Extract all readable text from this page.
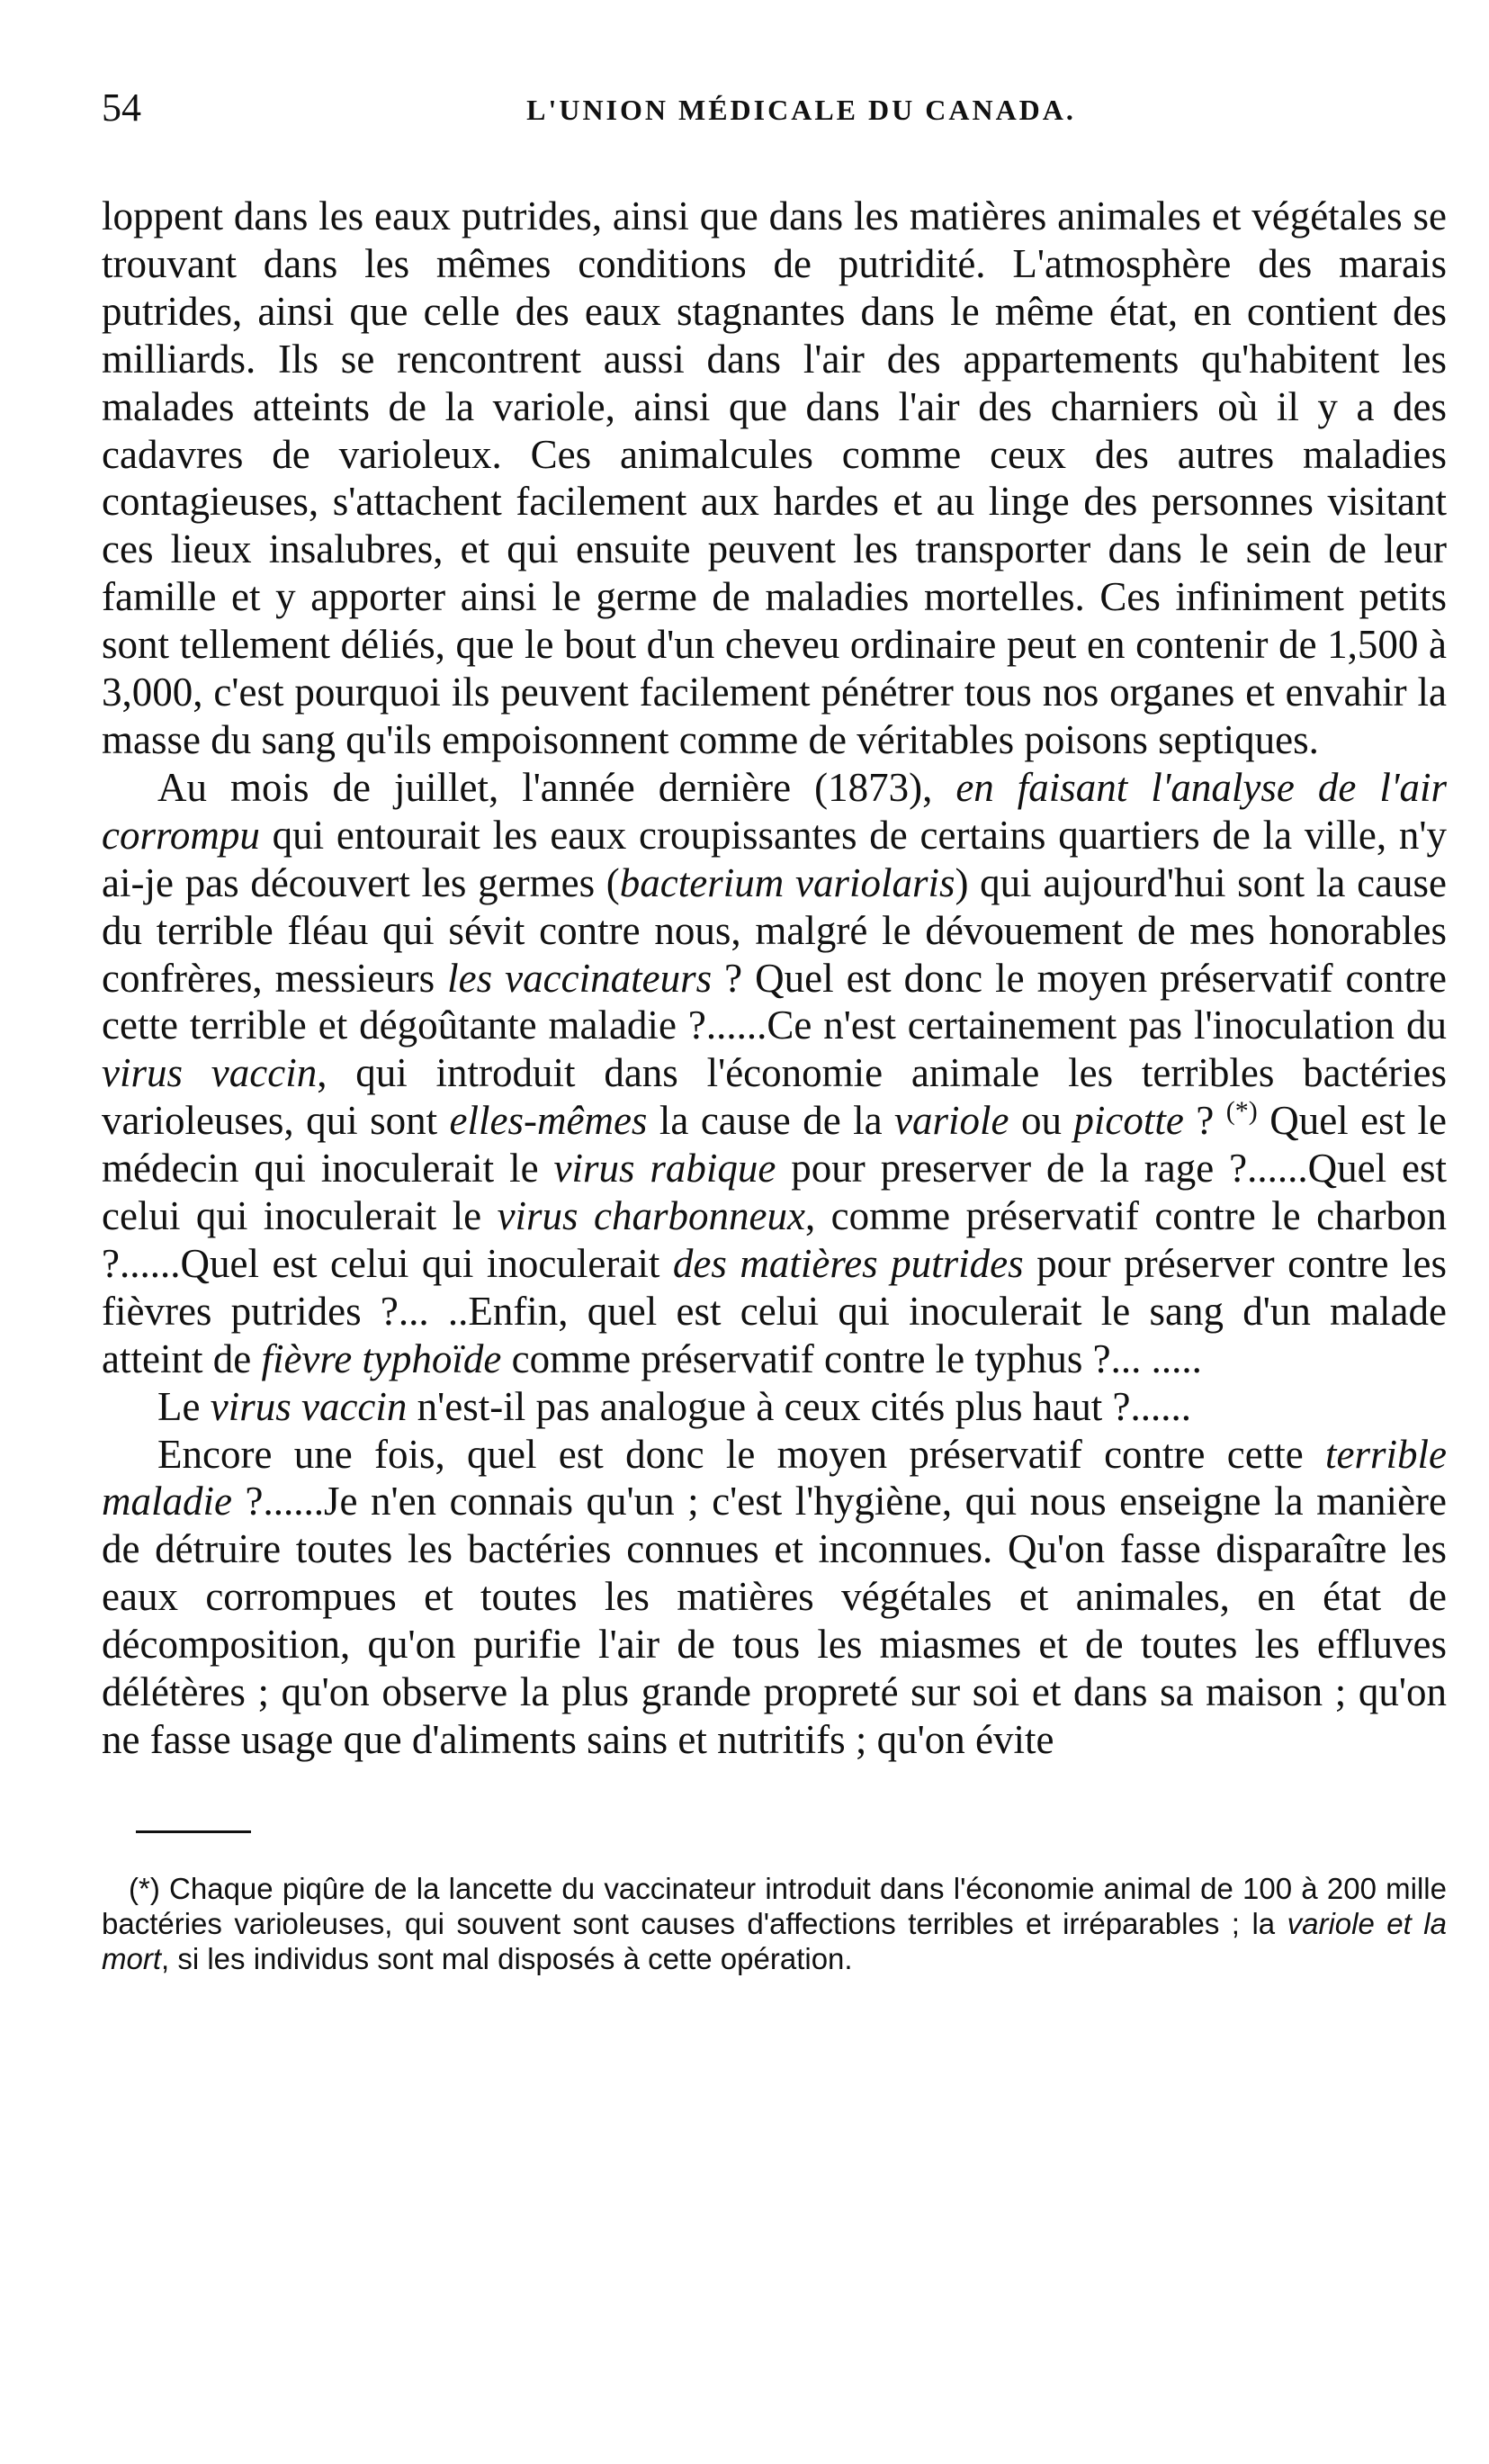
54	L'UNION MÉDICALE DU CANADA.

loppent dans les eaux putrides, ainsi que dans les matières animales et végétales se trouvant dans les mêmes conditions de putridité. L'atmosphère des marais putrides, ainsi que celle des eaux stagnantes dans le même état, en contient des milliards. Ils se rencontrent aussi dans l'air des appartements qu'habitent les malades atteints de la variole, ainsi que dans l'air des charniers où il y a des cadavres de varioleux. Ces animalcules comme ceux des autres maladies contagieuses, s'attachent facilement aux hardes et au linge des personnes visitant ces lieux insalubres, et qui ensuite peuvent les transporter dans le sein de leur famille et y apporter ainsi le germe de maladies mortelles. Ces infiniment petits sont tellement déliés, que le bout d'un cheveu ordinaire peut en contenir de 1,500 à 3,000, c'est pourquoi ils peuvent facilement pénétrer tous nos organes et envahir la masse du sang qu'ils empoisonnent comme de véritables poisons septiques.

Au mois de juillet, l'année dernière (1873), en faisant l'analyse de l'air corrompu qui entourait les eaux croupissantes de certains quartiers de la ville, n'y ai-je pas découvert les germes (bacterium variolaris) qui aujourd'hui sont la cause du terrible fléau qui sévit contre nous, malgré le dévouement de mes honorables confrères, messieurs les vaccinateurs ? Quel est donc le moyen préservatif contre cette terrible et dégoûtante maladie ?......Ce n'est certainement pas l'inoculation du virus vaccin, qui introduit dans l'économie animale les terribles bactéries varioleuses, qui sont elles-mêmes la cause de la variole ou picotte ? (*) Quel est le médecin qui inoculerait le virus rabique pour preserver de la rage ?......Quel est celui qui inoculerait le virus charbonneux, comme préservatif contre le charbon ?......Quel est celui qui inoculerait des matières putrides pour préserver contre les fièvres putrides ?... ..Enfin, quel est celui qui inoculerait le sang d'un malade atteint de fièvre typhoïde comme préservatif contre le typhus ?... .....

Le virus vaccin n'est-il pas analogue à ceux cités plus haut ?......

Encore une fois, quel est donc le moyen préservatif contre cette terrible maladie ?......Je n'en connais qu'un ; c'est l'hygiène, qui nous enseigne la manière de détruire toutes les bactéries connues et inconnues. Qu'on fasse disparaître les eaux corrompues et toutes les matières végétales et animales, en état de décomposition, qu'on purifie l'air de tous les miasmes et de toutes les effluves délétères ; qu'on observe la plus grande propreté sur soi et dans sa maison ; qu'on ne fasse usage que d'aliments sains et nutritifs ; qu'on évite

(*) Chaque piqûre de la lancette du vaccinateur introduit dans l'économie animal de 100 à 200 mille bactéries varioleuses, qui souvent sont causes d'affections terribles et irréparables ; la variole et la mort, si les individus sont mal disposés à cette opération.
